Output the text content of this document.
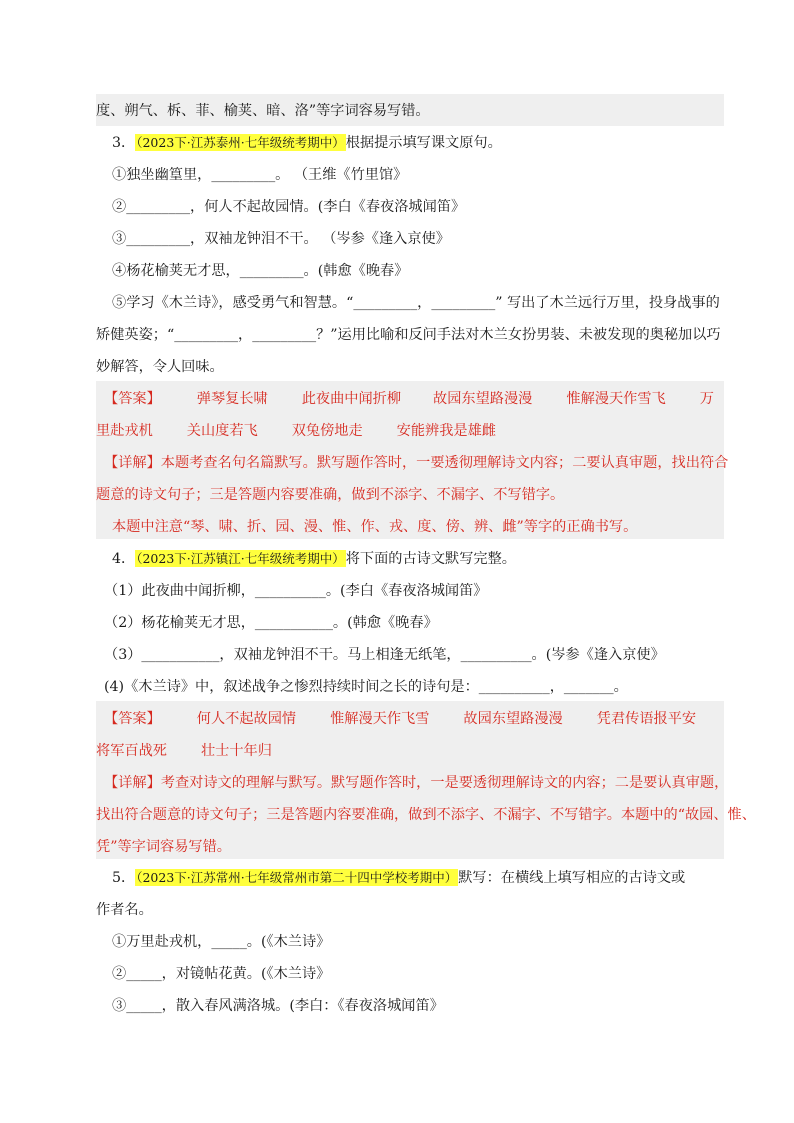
度、朔气、柝、菲、榆荚、暗、洛”等字词容易写错。
3．（2023下·江苏泰州·七年级统考期中）根据提示填写课文原句。
①独坐幽篁里，_________。 （王维《竹里馆》
②_________，何人不起故园情。(李白《春夜洛城闻笛》
③_________，双袖龙钟泪不干。 （岑参《逢入京使》
④杨花榆荚无才思，_________。(韩愈《晚春》
⑤学习《木兰诗》，感受勇气和智慧。“_________，_________” 写出了木兰远行万里，投身战事的
矫健英姿；“_________，_________？”运用比喻和反问手法对木兰女扮男装、未被发现的奥秘加以巧
妙解答，令人回味。
【答案】	弹琴复长啸 此夜曲中闻折柳 故园东望路漫漫 惟解漫天作雪飞 万
里赴戎机 关山度若飞 双兔傍地走 安能辨我是雄雌
【详解】本题考查名句名篇默写。默写题作答时，一要透彻理解诗文内容；二要认真审题，找出符合
题意的诗文句子；三是答题内容要准确，做到不添字、不漏字、不写错字。
本题中注意“琴、啸、折、园、漫、惟、作、戎、度、傍、辨、雌”等字的正确书写。
4．（2023下·江苏镇江·七年级统考期中）将下面的古诗文默写完整。
（1）此夜曲中闻折柳，__________。(李白《春夜洛城闻笛》
（2）杨花榆荚无才思，___________。(韩愈《晚春》
（3）___________，双袖龙钟泪不干。马上相逢无纸笔，__________。(岑参《逢入京使》
(4)《木兰诗》中，叙述战争之惨烈持续时间之长的诗句是：__________，_______。
【答案】	何人不起故园情 惟解漫天作飞雪 故园东望路漫漫 凭君传语报平安
将军百战死 壮士十年归
【详解】考查对诗文的理解与默写。默写题作答时，一是要透彻理解诗文的内容；二是要认真审题，
找出符合题意的诗文句子；三是答题内容要准确，做到不添字、不漏字、不写错字。本题中的“故园、惟、
凭”等字词容易写错。
5．（2023下·江苏常州·七年级常州市第二十四中学校考期中）默写：在横线上填写相应的古诗文或
作者名。
①万里赴戎机，_____。(《木兰诗》
②_____，对镜帖花黄。(《木兰诗》
③_____，散入春风满洛城。(李白：《春夜洛城闻笛》
